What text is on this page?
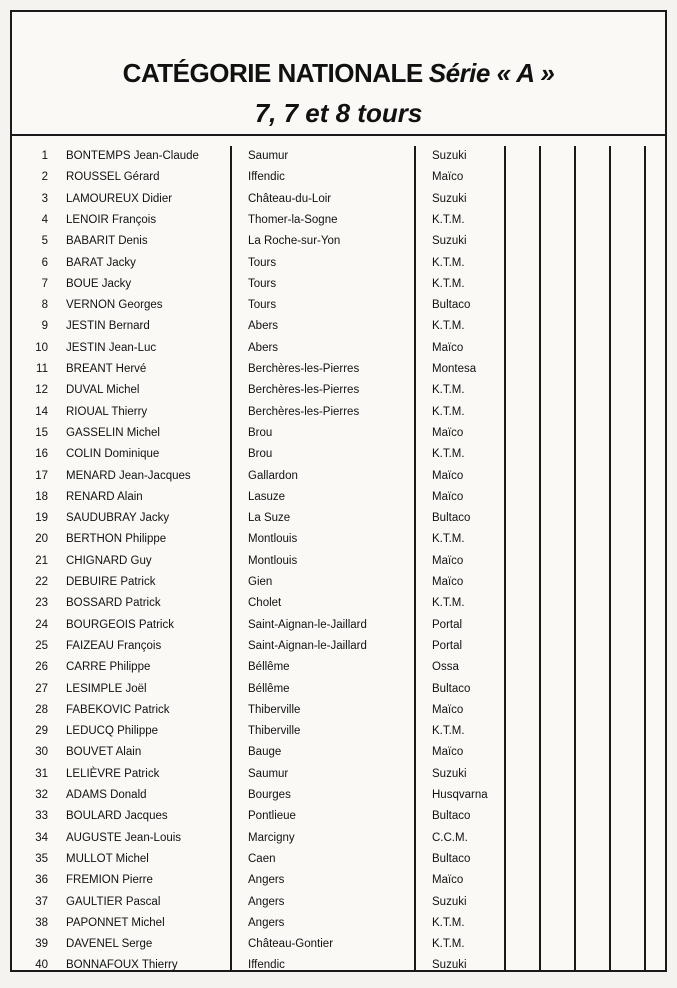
CATÉGORIE NATIONALE Série « A »
7, 7 et 8 tours
1 BONTEMPS Jean-Claude	Saumur	Suzuki
2 ROUSSEL Gérard	Iffendic	Maïco
3 LAMOUREUX Didier	Château-du-Loir	Suzuki
4 LENOIR François	Thomer-la-Sogne	K.T.M.
5 BABARIT Denis	La Roche-sur-Yon	Suzuki
6 BARAT Jacky	Tours	K.T.M.
7 BOUE Jacky	Tours	K.T.M.
8 VERNON Georges	Tours	Bultaco
9 JESTIN Bernard	Abers	K.T.M.
10 JESTIN Jean-Luc	Abers	Maïco
11 BREANT Hervé	Berchères-les-Pierres	Montesa
12 DUVAL Michel	Berchères-les-Pierres	K.T.M.
14 RIOUAL Thierry	Berchères-les-Pierres	K.T.M.
15 GASSELIN Michel	Brou	Maïco
16 COLIN Dominique	Brou	K.T.M.
17 MENARD Jean-Jacques	Gallardon	Maïco
18 RENARD Alain	Lasuze	Maïco
19 SAUDUBRAY Jacky	La Suze	Bultaco
20 BERTHON Philippe	Montlouis	K.T.M.
21 CHIGNARD Guy	Montlouis	Maïco
22 DEBUIRE Patrick	Gien	Maïco
23 BOSSARD Patrick	Cholet	K.T.M.
24 BOURGEOIS Patrick	Saint-Aignan-le-Jaillard	Portal
25 FAIZEAU François	Saint-Aignan-le-Jaillard	Portal
26 CARRE Philippe	Béllême	Ossa
27 LESIMPLE Joël	Béllême	Bultaco
28 FABEKOVIC Patrick	Thiberville	Maïco
29 LEDUCQ Philippe	Thiberville	K.T.M.
30 BOUVET Alain	Bauge	Maïco
31 LELIÈVRE Patrick	Saumur	Suzuki
32 ADAMS Donald	Bourges	Husqvarna
33 BOULARD Jacques	Pontlieue	Bultaco
34 AUGUSTE Jean-Louis	Marcigny	C.C.M.
35 MULLOT Michel	Caen	Bultaco
36 FREMION Pierre	Angers	Maïco
37 GAULTIER Pascal	Angers	Suzuki
38 PAPONNET Michel	Angers	K.T.M.
39 DAVENEL Serge	Château-Gontier	K.T.M.
40 BONNAFOUX Thierry	Iffendic	Suzuki
